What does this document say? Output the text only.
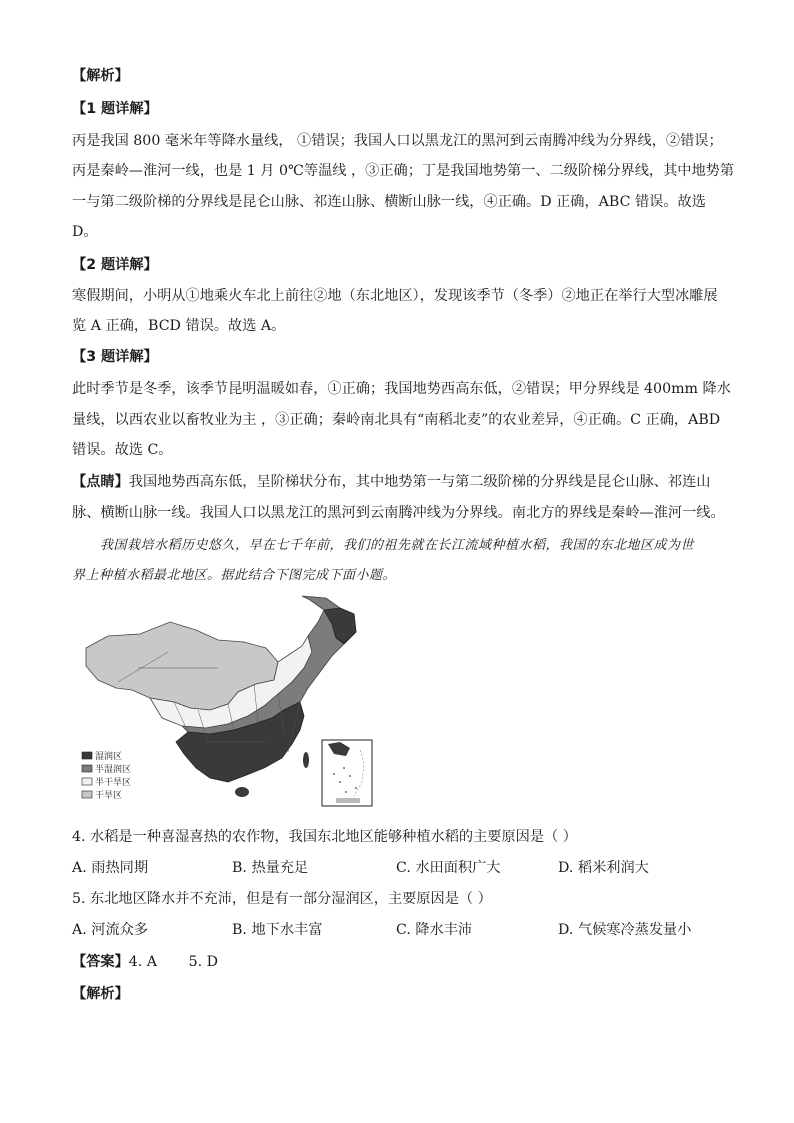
【解析】
【1 题详解】
丙是我国 800 毫米年等降水量线， ①错误；我国人口以黑龙江的黑河到云南腾冲线为分界线，②错误；
丙是秦岭—淮河一线，也是 1 月 0℃等温线 ，③正确；丁是我国地势第一、二级阶梯分界线，其中地势第
一与第二级阶梯的分界线是昆仑山脉、祁连山脉、横断山脉一线，④正确。D 正确，ABC 错误。故选
D。
【2 题详解】
寒假期间，小明从①地乘火车北上前往②地（东北地区），发现该季节（冬季）②地正在举行大型冰雕展
览 A 正确，BCD 错误。故选 A。
【3 题详解】
此时季节是冬季，该季节昆明温暖如春，①正确；我国地势西高东低，②错误；甲分界线是 400mm 降水
量线，以西农业以畜牧业为主 ，③正确；秦岭南北具有“南稻北麦”的农业差异，④正确。C 正确，ABD
错误。故选 C。
【点睛】我国地势西高东低，呈阶梯状分布，其中地势第一与第二级阶梯的分界线是昆仑山脉、祁连山
脉、横断山脉一线。我国人口以黑龙江的黑河到云南腾冲线为分界线。南北方的界线是秦岭—淮河一线。
我国栽培水稻历史悠久，早在七千年前，我们的祖先就在长江流域种植水稻，我国的东北地区成为世
界上种植水稻最北地区。据此结合下图完成下面小题。
湿润区
半湿润区
半干旱区
干旱区
4. 水稻是一种喜湿喜热的农作物，我国东北地区能够种植水稻的主要原因是（ ）
A. 雨热同期	B. 热量充足	C. 水田面积广大	D. 稻米利润大
5. 东北地区降水并不充沛，但是有一部分湿润区，主要原因是（ ）
A. 河流众多	B. 地下水丰富	C. 降水丰沛	D. 气候寒冷蒸发量小
【答案】4. A       5. D
【解析】
